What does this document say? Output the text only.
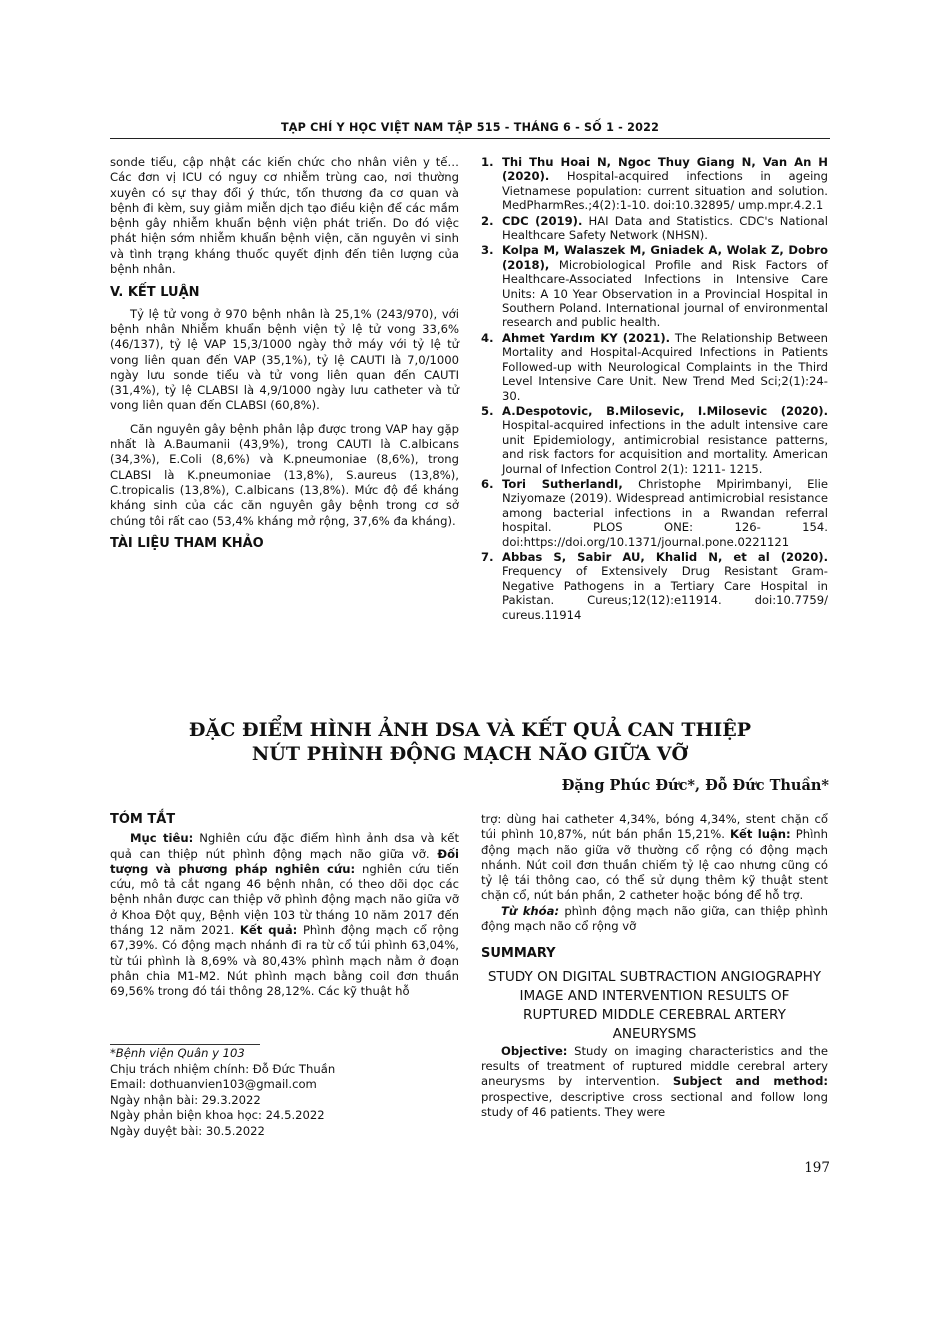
TẠP CHÍ Y HỌC VIỆT NAM TẬP 515 - THÁNG 6 - SỐ 1 - 2022

sonde tiểu, cập nhật các kiến chức cho nhân viên y tế… Các đơn vị ICU có nguy cơ nhiễm trùng cao, nơi thường xuyên có sự thay đổi ý thức, tổn thương đa cơ quan và bệnh đi kèm, suy giảm miễn dịch tạo điều kiện để các mầm bệnh gây nhiễm khuẩn bệnh viện phát triển. Do đó việc phát hiện sớm nhiễm khuẩn bệnh viện, căn nguyên vi sinh và tình trạng kháng thuốc quyết định đến tiên lượng của bệnh nhân.

V. KẾT LUẬN

Tỷ lệ tử vong ở 970 bệnh nhân là 25,1% (243/970), với bệnh nhân Nhiễm khuẩn bệnh viện tỷ lệ tử vong 33,6% (46/137), tỷ lệ VAP 15,3/1000 ngày thở máy với tỷ lệ tử vong liên quan đến VAP (35,1%), tỷ lệ CAUTI là 7,0/1000 ngày lưu sonde tiểu và tử vong liên quan đến CAUTI (31,4%), tỷ lệ CLABSI là 4,9/1000 ngày lưu catheter và tử vong liên quan đến CLABSI (60,8%).

Căn nguyên gây bệnh phân lập được trong VAP hay gặp nhất là A.Baumanii (43,9%), trong CAUTI là C.albicans (34,3%), E.Coli (8,6%) và K.pneumoniae (8,6%), trong CLABSI là K.pneumoniae (13,8%), S.aureus (13,8%), C.tropicalis (13,8%), C.albicans (13,8%). Mức độ đề kháng kháng sinh của các căn nguyên gây bệnh trong cơ sở chúng tôi rất cao (53,4% kháng mở rộng, 37,6% đa kháng).

TÀI LIỆU THAM KHẢO
1. Thi Thu Hoai N, Ngoc Thuy Giang N, Van An H (2020). Hospital-acquired infections in ageing Vietnamese population: current situation and solution. MedPharmRes.;4(2):1-10. doi:10.32895/ ump.mpr.4.2.1
2. CDC (2019). HAI Data and Statistics. CDC's National Healthcare Safety Network (NHSN).
3. Kolpa M, Walaszek M, Gniadek A, Wolak Z, Dobro (2018), Microbiological Profile and Risk Factors of Healthcare-Associated Infections in Intensive Care Units: A 10 Year Observation in a Provincial Hospital in Southern Poland. International journal of environmental research and public health.
4. Ahmet Yardım KY (2021). The Relationship Between Mortality and Hospital-Acquired Infections in Patients Followed-up with Neurological Complaints in the Third Level Intensive Care Unit. New Trend Med Sci;2(1):24-30.
5. A.Despotovic, B.Milosevic, I.Milosevic (2020). Hospital-acquired infections in the adult intensive care unit Epidemiology, antimicrobial resistance patterns, and risk factors for acquisition and mortality. American Journal of Infection Control 2(1): 1211- 1215.
6. Tori SutherlandI, Christophe Mpirimbanyi, Elie Nziyomaze (2019). Widespread antimicrobial resistance among bacterial infections in a Rwandan referral hospital. PLOS ONE: 126- 154. doi:https://doi.org/10.1371/journal.pone.0221121
7. Abbas S, Sabir AU, Khalid N, et al (2020). Frequency of Extensively Drug Resistant Gram-Negative Pathogens in a Tertiary Care Hospital in Pakistan. Cureus;12(12):e11914. doi:10.7759/ cureus.11914
ĐẶC ĐIỂM HÌNH ẢNH DSA VÀ KẾT QUẢ CAN THIỆP
NÚT PHÌNH ĐỘNG MẠCH NÃO GIỮA VỠ
Đặng Phúc Đức*, Đỗ Đức Thuần*
TÓM TẮT

Mục tiêu: Nghiên cứu đặc điểm hình ảnh dsa và kết quả can thiệp nút phình động mạch não giữa vỡ. Đối tượng và phương pháp nghiên cứu: nghiên cứu tiến cứu, mô tả cắt ngang 46 bệnh nhân, có theo dõi dọc các bệnh nhân được can thiệp vỡ phình động mạch não giữa vỡ ở Khoa Đột quỵ, Bệnh viện 103 từ tháng 10 năm 2017 đến tháng 12 năm 2021. Kết quả: Phình động mạch cổ rộng 67,39%. Có động mạch nhánh đi ra từ cổ túi phình 63,04%, từ túi phình là 8,69% và 80,43% phình mạch nằm ở đoạn phân chia M1-M2. Nút phình mạch bằng coil đơn thuần 69,56% trong đó tái thông 28,12%. Các kỹ thuật hỗ

trợ: dùng hai catheter 4,34%, bóng 4,34%, stent chặn cổ túi phình 10,87%, nút bán phần 15,21%. Kết luận: Phình động mạch não giữa vỡ thường cổ rộng có động mạch nhánh. Nút coil đơn thuần chiếm tỷ lệ cao nhưng cũng có tỷ lệ tái thông cao, có thể sử dụng thêm kỹ thuật stent chặn cổ, nút bán phần, 2 catheter hoặc bóng để hỗ trợ.

Từ khóa: phình động mạch não giữa, can thiệp phình động mạch não cổ rộng vỡ

SUMMARY
STUDY ON DIGITAL SUBTRACTION ANGIOGRAPHY IMAGE AND INTERVENTION RESULTS OF RUPTURED MIDDLE CEREBRAL ARTERY ANEURYSMS

Objective: Study on imaging characteristics and the results of treatment of ruptured middle cerebral artery aneurysms by intervention. Subject and method: prospective, descriptive cross sectional and follow long study of 46 patients. They were

*Bệnh viện Quân y 103
Chịu trách nhiệm chính: Đỗ Đức Thuần
Email: dothuanvien103@gmail.com
Ngày nhận bài: 29.3.2022
Ngày phản biện khoa học: 24.5.2022
Ngày duyệt bài: 30.5.2022
197
